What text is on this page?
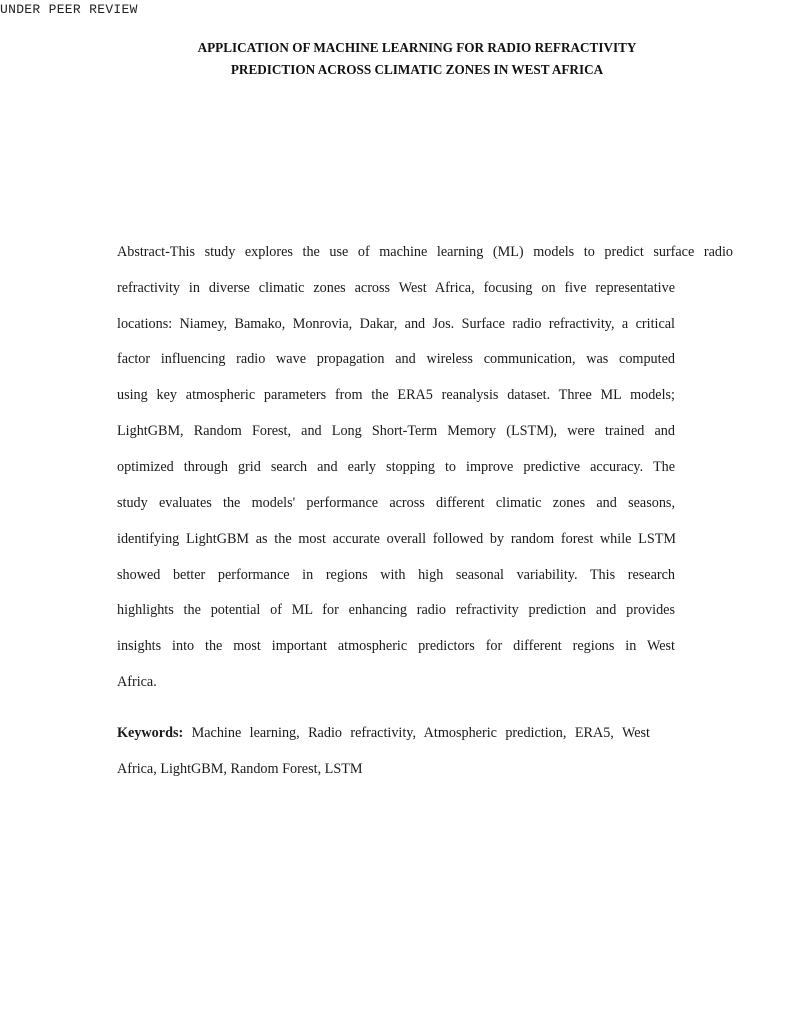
UNDER PEER REVIEW
APPLICATION OF MACHINE LEARNING FOR RADIO REFRACTIVITY
PREDICTION ACROSS CLIMATIC ZONES IN WEST AFRICA
Abstract-This study explores the use of machine learning (ML) models to predict surface radio
refractivity in diverse climatic zones across West Africa, focusing on five representative
locations: Niamey, Bamako, Monrovia, Dakar, and Jos. Surface radio refractivity, a critical
factor influencing radio wave propagation and wireless communication, was computed
using key atmospheric parameters from the ERA5 reanalysis dataset. Three ML models;
LightGBM, Random Forest, and Long Short-Term Memory (LSTM), were trained and
optimized through grid search and early stopping to improve predictive accuracy. The
study evaluates the models' performance across different climatic zones and seasons,
identifying LightGBM as the most accurate overall followed by random forest while LSTM
showed better performance in regions with high seasonal variability. This research
highlights the potential of ML for enhancing radio refractivity prediction and provides
insights into the most important atmospheric predictors for different regions in West
Africa.
Keywords: Machine learning, Radio refractivity, Atmospheric prediction, ERA5, West
Africa, LightGBM, Random Forest, LSTM
